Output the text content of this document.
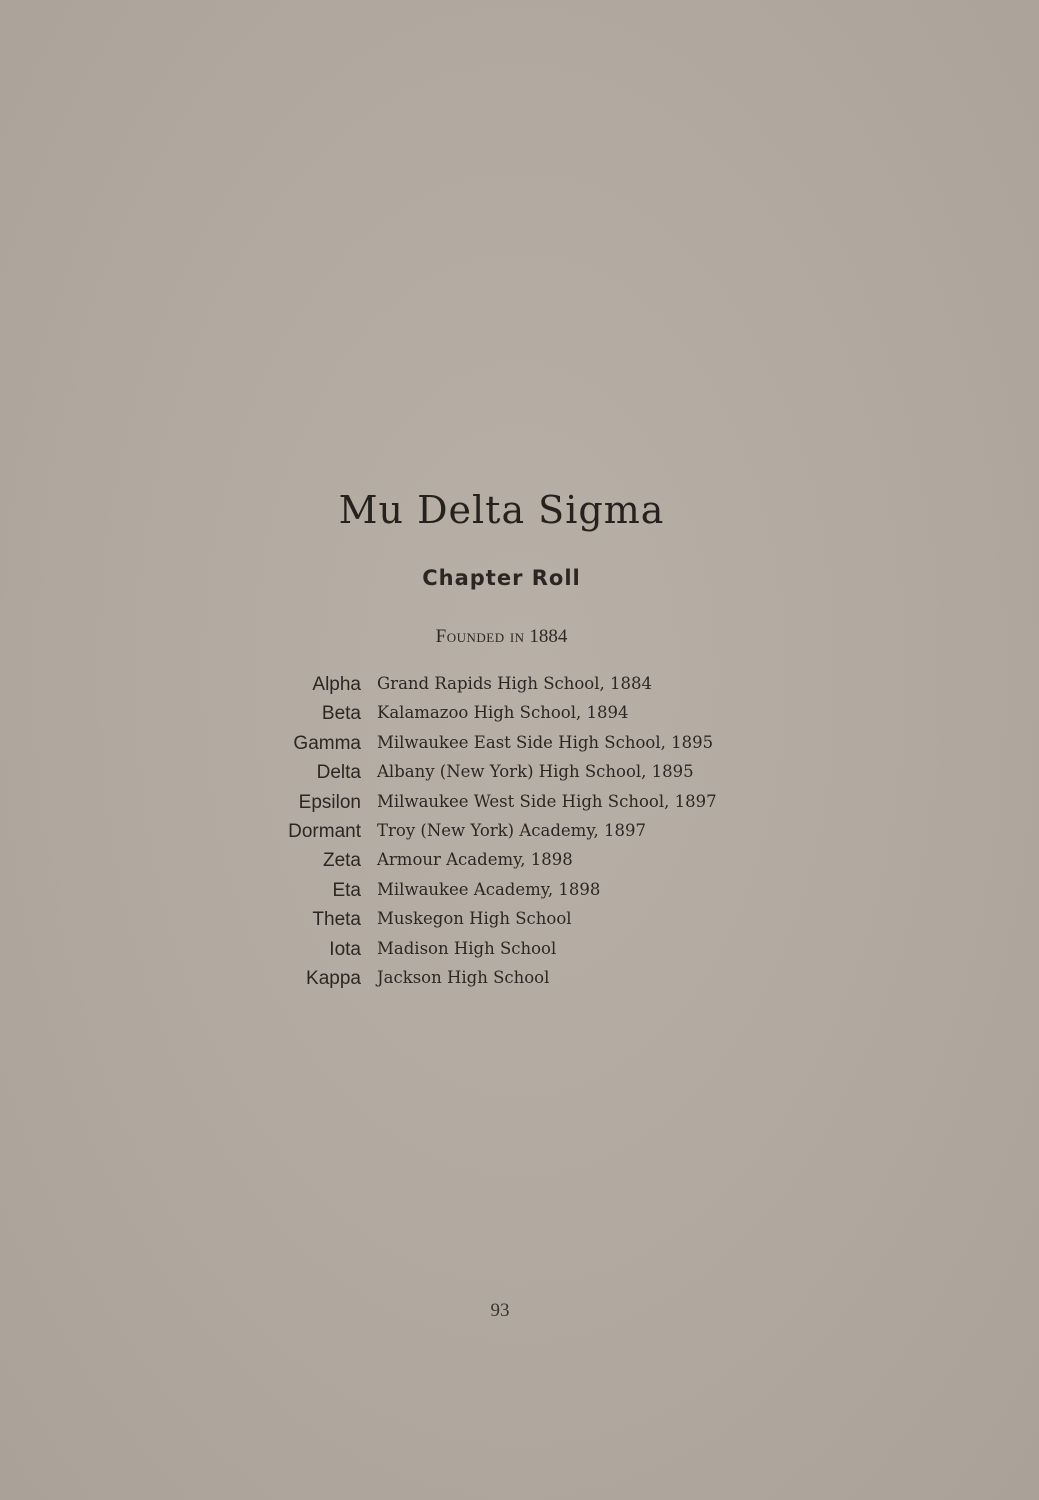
Mu Delta Sigma
Chapter Roll
Founded in 1884
Alpha Grand Rapids High School, 1884
Beta Kalamazoo High School, 1894
Gamma Milwaukee East Side High School, 1895
Delta Albany (New York) High School, 1895
Epsilon Milwaukee West Side High School, 1897
Dormant Troy (New York) Academy, 1897
Zeta Armour Academy, 1898
Eta Milwaukee Academy, 1898
Theta Muskegon High School
Iota Madison High School
Kappa Jackson High School
93
